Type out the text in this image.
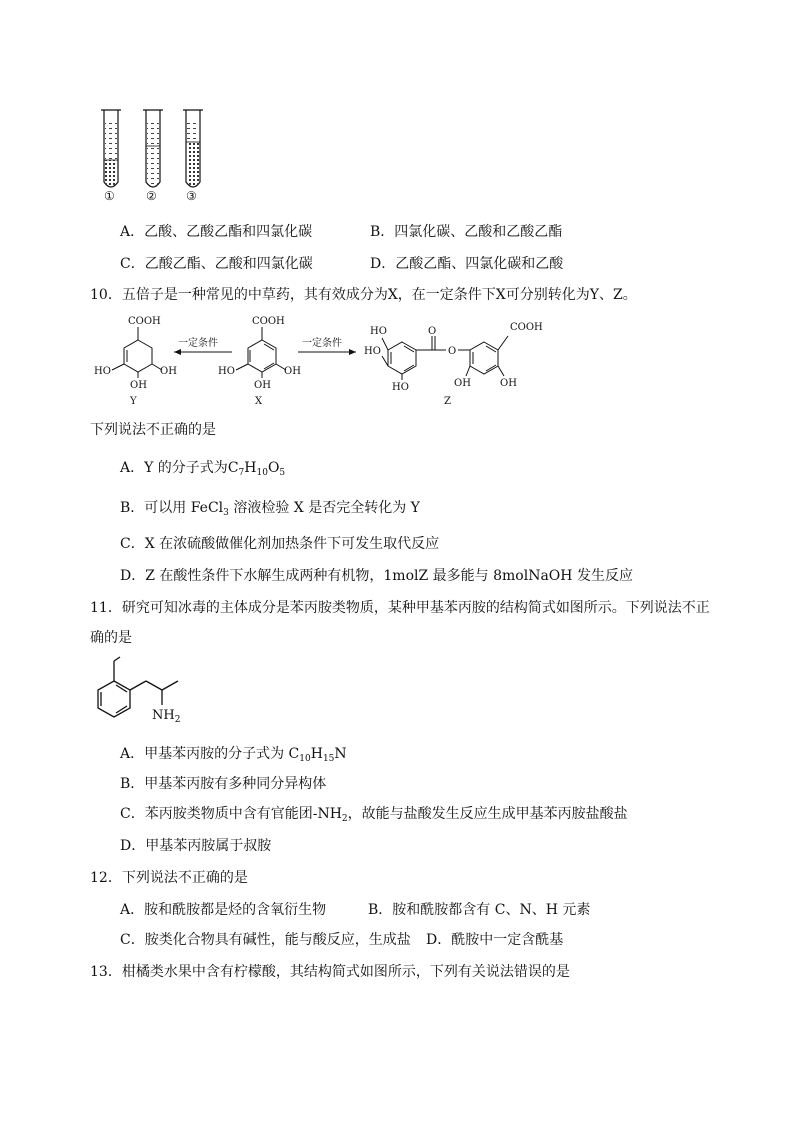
①	② ③
A．乙酸、乙酸乙酯和四氯化碳	B．四氯化碳、乙酸和乙酸乙酯
C．乙酸乙酯、乙酸和四氯化碳	D．乙酸乙酯、四氯化碳和乙酸
10．五倍子是一种常见的中草药，其有效成分为X，在一定条件下X可分别转化为Y、Z。
COOH
HO	OH
OH
Y
一定条件
COOH
HO	OH
OH
X
一定条件
HO
HO
HO
O
O
COOH
OH	OH
Z
下列说法不正确的是
A．Y 的分子式为$C_7H_{10}O_5$
B．可以用 FeCl$_3$ 溶液检验 X 是否完全转化为 Y
C．X 在浓硫酸做催化剂加热条件下可发生取代反应
D．Z 在酸性条件下水解生成两种有机物，1molZ 最多能与 8molNaOH 发生反应
11．研究可知冰毒的主体成分是苯丙胺类物质，某种甲基苯丙胺的结构简式如图所示。下列说法不正
确的是
$NH_2$
A．甲基苯丙胺的分子式为 $C_{10}H_{15}N$
B．甲基苯丙胺有多种同分异构体
C．苯丙胺类物质中含有官能团$-NH_2$，故能与盐酸发生反应生成甲基苯丙胺盐酸盐
D．甲基苯丙胺属于叔胺
12．下列说法不正确的是
A．胺和酰胺都是烃的含氧衍生物	B．胺和酰胺都含有 C、N、H 元素
C．胺类化合物具有碱性，能与酸反应，生成盐 D．酰胺中一定含酰基
13．柑橘类水果中含有柠檬酸，其结构简式如图所示，下列有关说法错误的是
